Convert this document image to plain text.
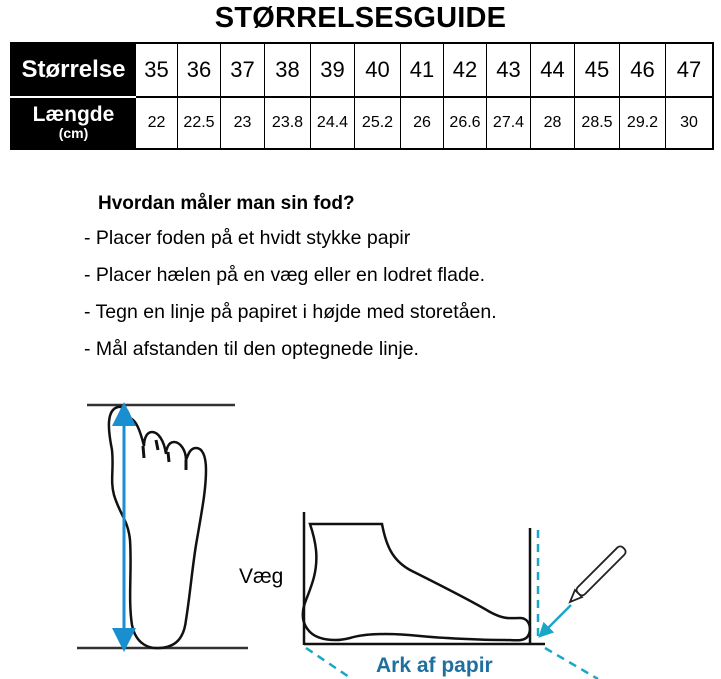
STØRRELSESGUIDE
Størrelse	35	36	37	38	39	40	41	42	43	44	45	46	47
Længde
(cm)	22	22.5	23	23.8	24.4	25.2	26	26.6	27.4	28	28.5	29.2	30
Hvordan måler man sin fod?
- Placer foden på et hvidt stykke papir
- Placer hælen på en væg eller en lodret flade.
- Tegn en linje på papiret i højde med storetåen.
- Mål afstanden til den optegnede linje.
Væg
Ark af papir
